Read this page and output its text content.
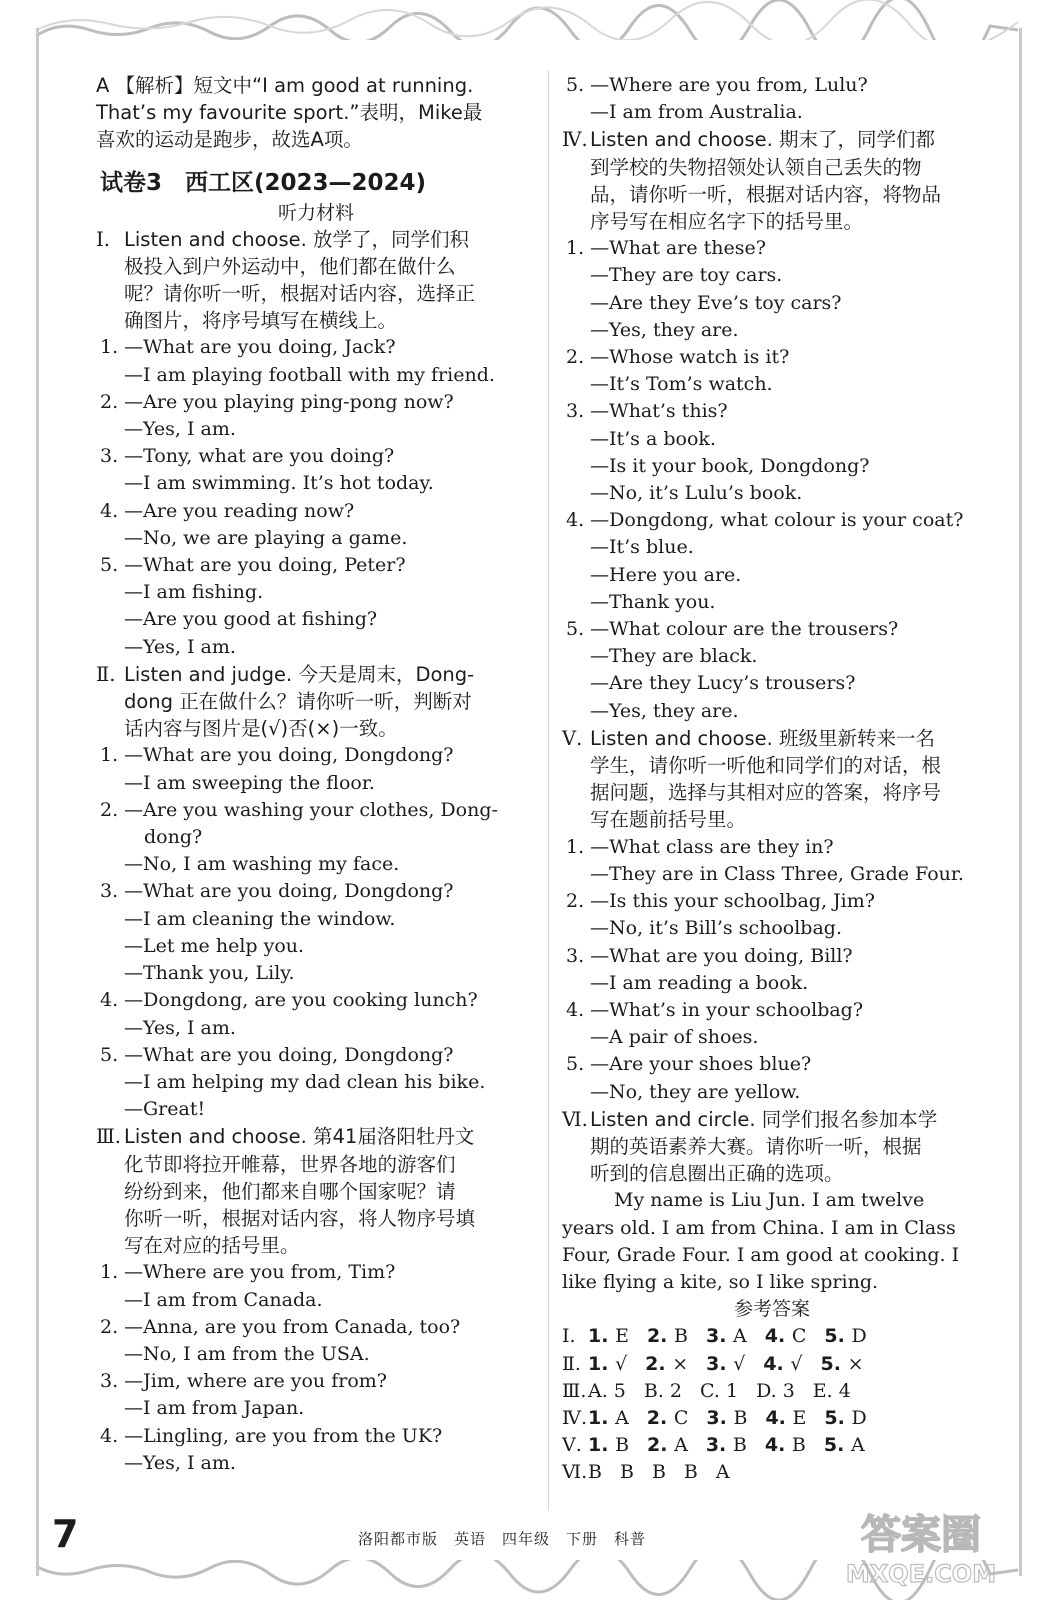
A 【解析】短文中“I am good at running.
That’s my favourite sport.”表明，Mike最
喜欢的运动是跑步，故选A项。
试卷3　西工区(2023—2024)
听力材料
Ⅰ. Listen and choose. 放学了，同学们积
极投入到户外运动中，他们都在做什么
呢？请你听一听，根据对话内容，选择正
确图片，将序号填写在横线上。
1. —What are you doing, Jack?
—I am playing football with my friend.
2. —Are you playing ping-pong now?
—Yes, I am.
3. —Tony, what are you doing?
—I am swimming. It’s hot today.
4. —Are you reading now?
—No, we are playing a game.
5. —What are you doing, Peter?
—I am fishing.
—Are you good at fishing?
—Yes, I am.
Ⅱ. Listen and judge. 今天是周末，Dong-
dong 正在做什么？请你听一听，判断对
话内容与图片是(√)否(×)一致。
1. —What are you doing, Dongdong?
—I am sweeping the floor.
2. —Are you washing your clothes, Dong-
dong?
—No, I am washing my face.
3. —What are you doing, Dongdong?
—I am cleaning the window.
—Let me help you.
—Thank you, Lily.
4. —Dongdong, are you cooking lunch?
—Yes, I am.
5. —What are you doing, Dongdong?
—I am helping my dad clean his bike.
—Great!
Ⅲ. Listen and choose. 第41届洛阳牡丹文
化节即将拉开帷幕，世界各地的游客们
纷纷到来，他们都来自哪个国家呢？请
你听一听，根据对话内容，将人物序号填
写在对应的括号里。
1. —Where are you from, Tim?
—I am from Canada.
2. —Anna, are you from Canada, too?
—No, I am from the USA.
3. —Jim, where are you from?
—I am from Japan.
4. —Lingling, are you from the UK?
—Yes, I am.
5. —Where are you from, Lulu?
—I am from Australia.
Ⅳ. Listen and choose. 期末了，同学们都
到学校的失物招领处认领自己丢失的物
品，请你听一听，根据对话内容，将物品
序号写在相应名字下的括号里。
1. —What are these?
—They are toy cars.
—Are they Eve’s toy cars?
—Yes, they are.
2. —Whose watch is it?
—It’s Tom’s watch.
3. —What’s this?
—It’s a book.
—Is it your book, Dongdong?
—No, it’s Lulu’s book.
4. —Dongdong, what colour is your coat?
—It’s blue.
—Here you are.
—Thank you.
5. —What colour are the trousers?
—They are black.
—Are they Lucy’s trousers?
—Yes, they are.
Ⅴ. Listen and choose. 班级里新转来一名
学生，请你听一听他和同学们的对话，根
据问题，选择与其相对应的答案，将序号
写在题前括号里。
1. —What class are they in?
—They are in Class Three, Grade Four.
2. —Is this your schoolbag, Jim?
—No, it’s Bill’s schoolbag.
3. —What are you doing, Bill?
—I am reading a book.
4. —What’s in your schoolbag?
—A pair of shoes.
5. —Are your shoes blue?
—No, they are yellow.
Ⅵ. Listen and circle. 同学们报名参加本学
期的英语素养大赛。请你听一听，根据
听到的信息圈出正确的选项。
My name is Liu Jun. I am twelve
years old. I am from China. I am in Class
Four, Grade Four. I am good at cooking. I
like flying a kite, so I like spring.
参考答案
Ⅰ. 1. E 2. B 3. A 4. C 5. D
Ⅱ. 1. √ 2. × 3. √ 4. √ 5. ×
Ⅲ. A. 5 B. 2 C. 1 D. 3 E. 4
Ⅳ. 1. A 2. C 3. B 4. E 5. D
Ⅴ. 1. B 2. A 3. B 4. B 5. A
Ⅵ. B B B B A
7	洛阳都市版　英语　四年级　下册　科普	答案圈
MXQE.COM
